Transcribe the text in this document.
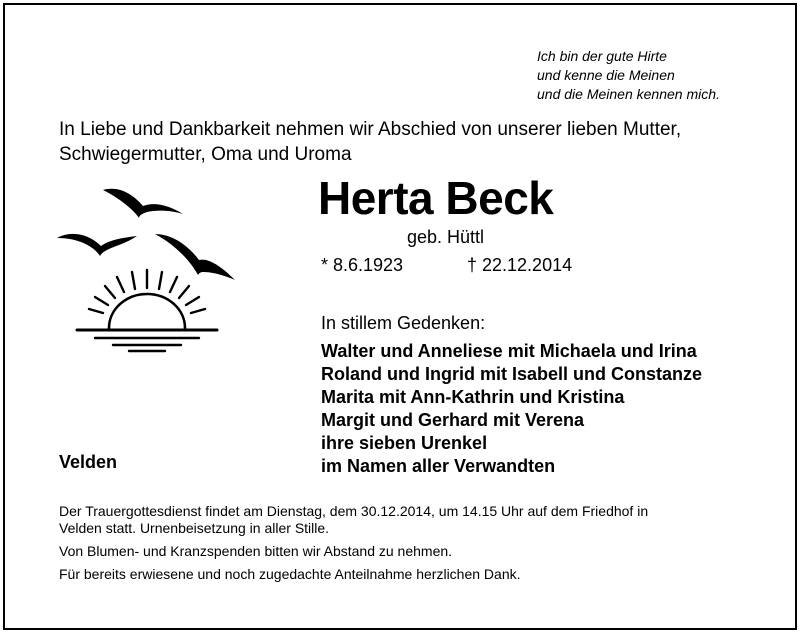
Ich bin der gute Hirte
und kenne die Meinen
und die Meinen kennen mich.
In Liebe und Dankbarkeit nehmen wir Abschied von unserer lieben Mutter,
Schwiegermutter, Oma und Uroma
Herta Beck
geb. Hüttl
* 8.6.1923	† 22.12.2014
In stillem Gedenken:
Walter und Anneliese mit Michaela und Irina
Roland und Ingrid mit Isabell und Constanze
Marita mit Ann-Kathrin und Kristina
Margit und Gerhard mit Verena
ihre sieben Urenkel
im Namen aller Verwandten
Velden
Der Trauergottesdienst findet am Dienstag, dem 30.12.2014, um 14.15 Uhr auf dem Friedhof in
Velden statt. Urnenbeisetzung in aller Stille.
Von Blumen- und Kranzspenden bitten wir Abstand zu nehmen.
Für bereits erwiesene und noch zugedachte Anteilnahme herzlichen Dank.
